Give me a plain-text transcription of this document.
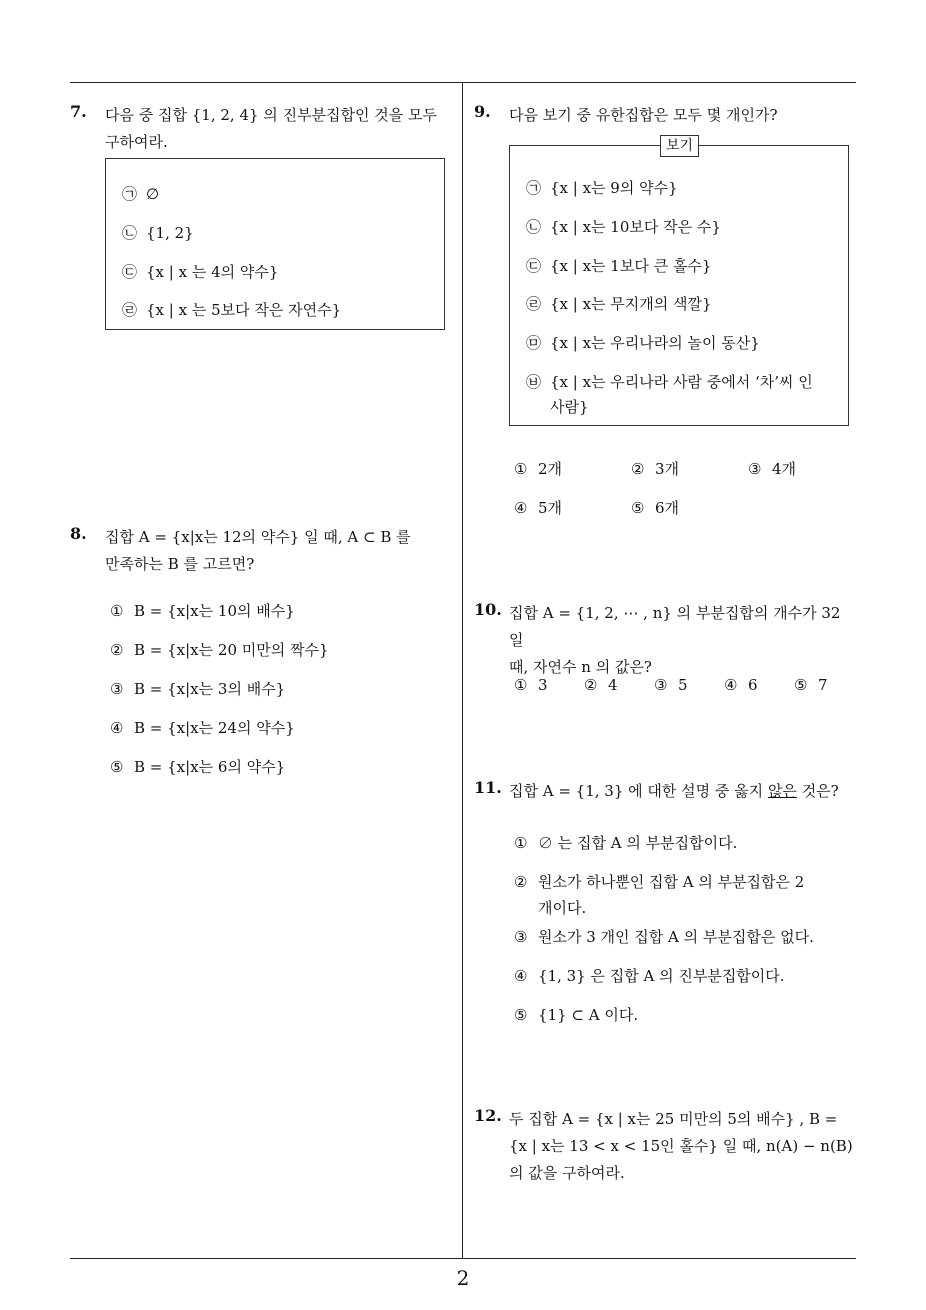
2
7. 다음 중 집합 {1, 2, 4} 의 진부분집합인 것을 모두
구하여라.
㉠ ∅
㉡ {1, 2}
㉢ {x | x 는 4의 약수}
㉣ {x | x 는 5보다 작은 자연수}
8. 집합 A = {x|x는 12의 약수} 일 때, A ⊂ B 를
만족하는 B 를 고르면?
① B = {x|x는 10의 배수}
② B = {x|x는 20 미만의 짝수}
③ B = {x|x는 3의 배수}
④ B = {x|x는 24의 약수}
⑤ B = {x|x는 6의 약수}
9. 다음 보기 중 유한집합은 모두 몇 개인가?
보기
㉠ {x | x는 9의 약수}
㉡ {x | x는 10보다 작은 수}
㉢ {x | x는 1보다 큰 홀수}
㉣ {x | x는 무지개의 색깔}
㉤ {x | x는 우리나라의 놀이 동산}
㉥ {x | x는 우리나라 사람 중에서 ‘차’씨 인
사람}
① 2개	② 3개	③ 4개
④ 5개	⑤ 6개
10. 집합 A = {1, 2, ⋯ , n} 의 부분집합의 개수가 32 일
때, 자연수 n 의 값은?
① 3 ② 4 ③ 5 ④ 6 ⑤ 7
11. 집합 A = {1, 3} 에 대한 설명 중 옳지 않은 것은?
① ∅ 는 집합 A 의 부분집합이다.
② 원소가 하나뿐인 집합 A 의 부분집합은 2
개이다.
③ 원소가 3 개인 집합 A 의 부분집합은 없다.
④ {1, 3} 은 집합 A 의 진부분집합이다.
⑤ {1} ⊂ A 이다.
12. 두 집합 A = {x | x는 25 미만의 5의 배수} , B =
{x | x는 13 < x < 15인 홀수} 일 때, n(A) − n(B)
의 값을 구하여라.
